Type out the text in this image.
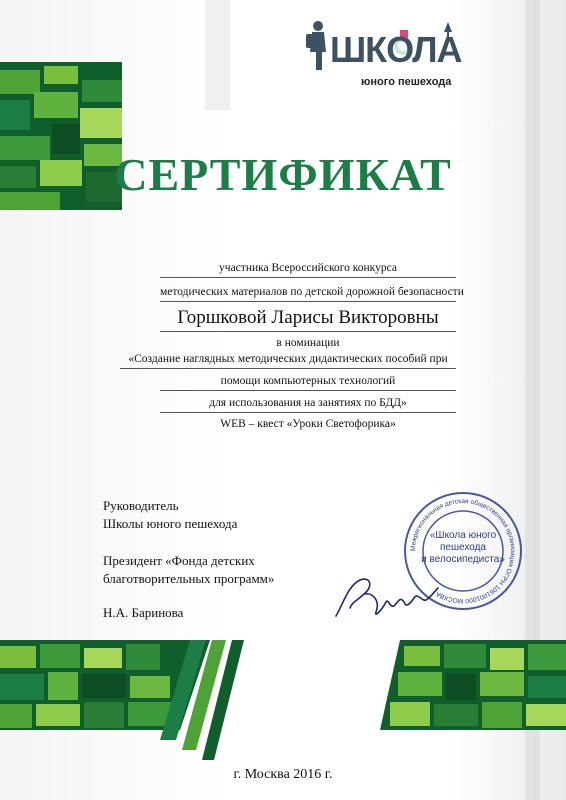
ШКОЛА
юного пешехода
СЕРТИФИКАТ
участника Всероссийского конкурса
методических материалов по детской дорожной безопасности
Горшковой Ларисы Викторовны
в номинации
«Создание наглядных методических дидактических пособий при
помощи компьютерных технологий
для использования на занятиях по БДД»
WEB – квест «Уроки Светофорика»
Руководитель
Школы юного пешехода
Президент «Фонда детских
благотворительных программ»
Н.А. Баринова
Межрегиональная детская общественная организация ОГРН 1061001000 МОСКВА
«Школа юного
пешехода
и велосипедиста»
г. Москва 2016 г.
